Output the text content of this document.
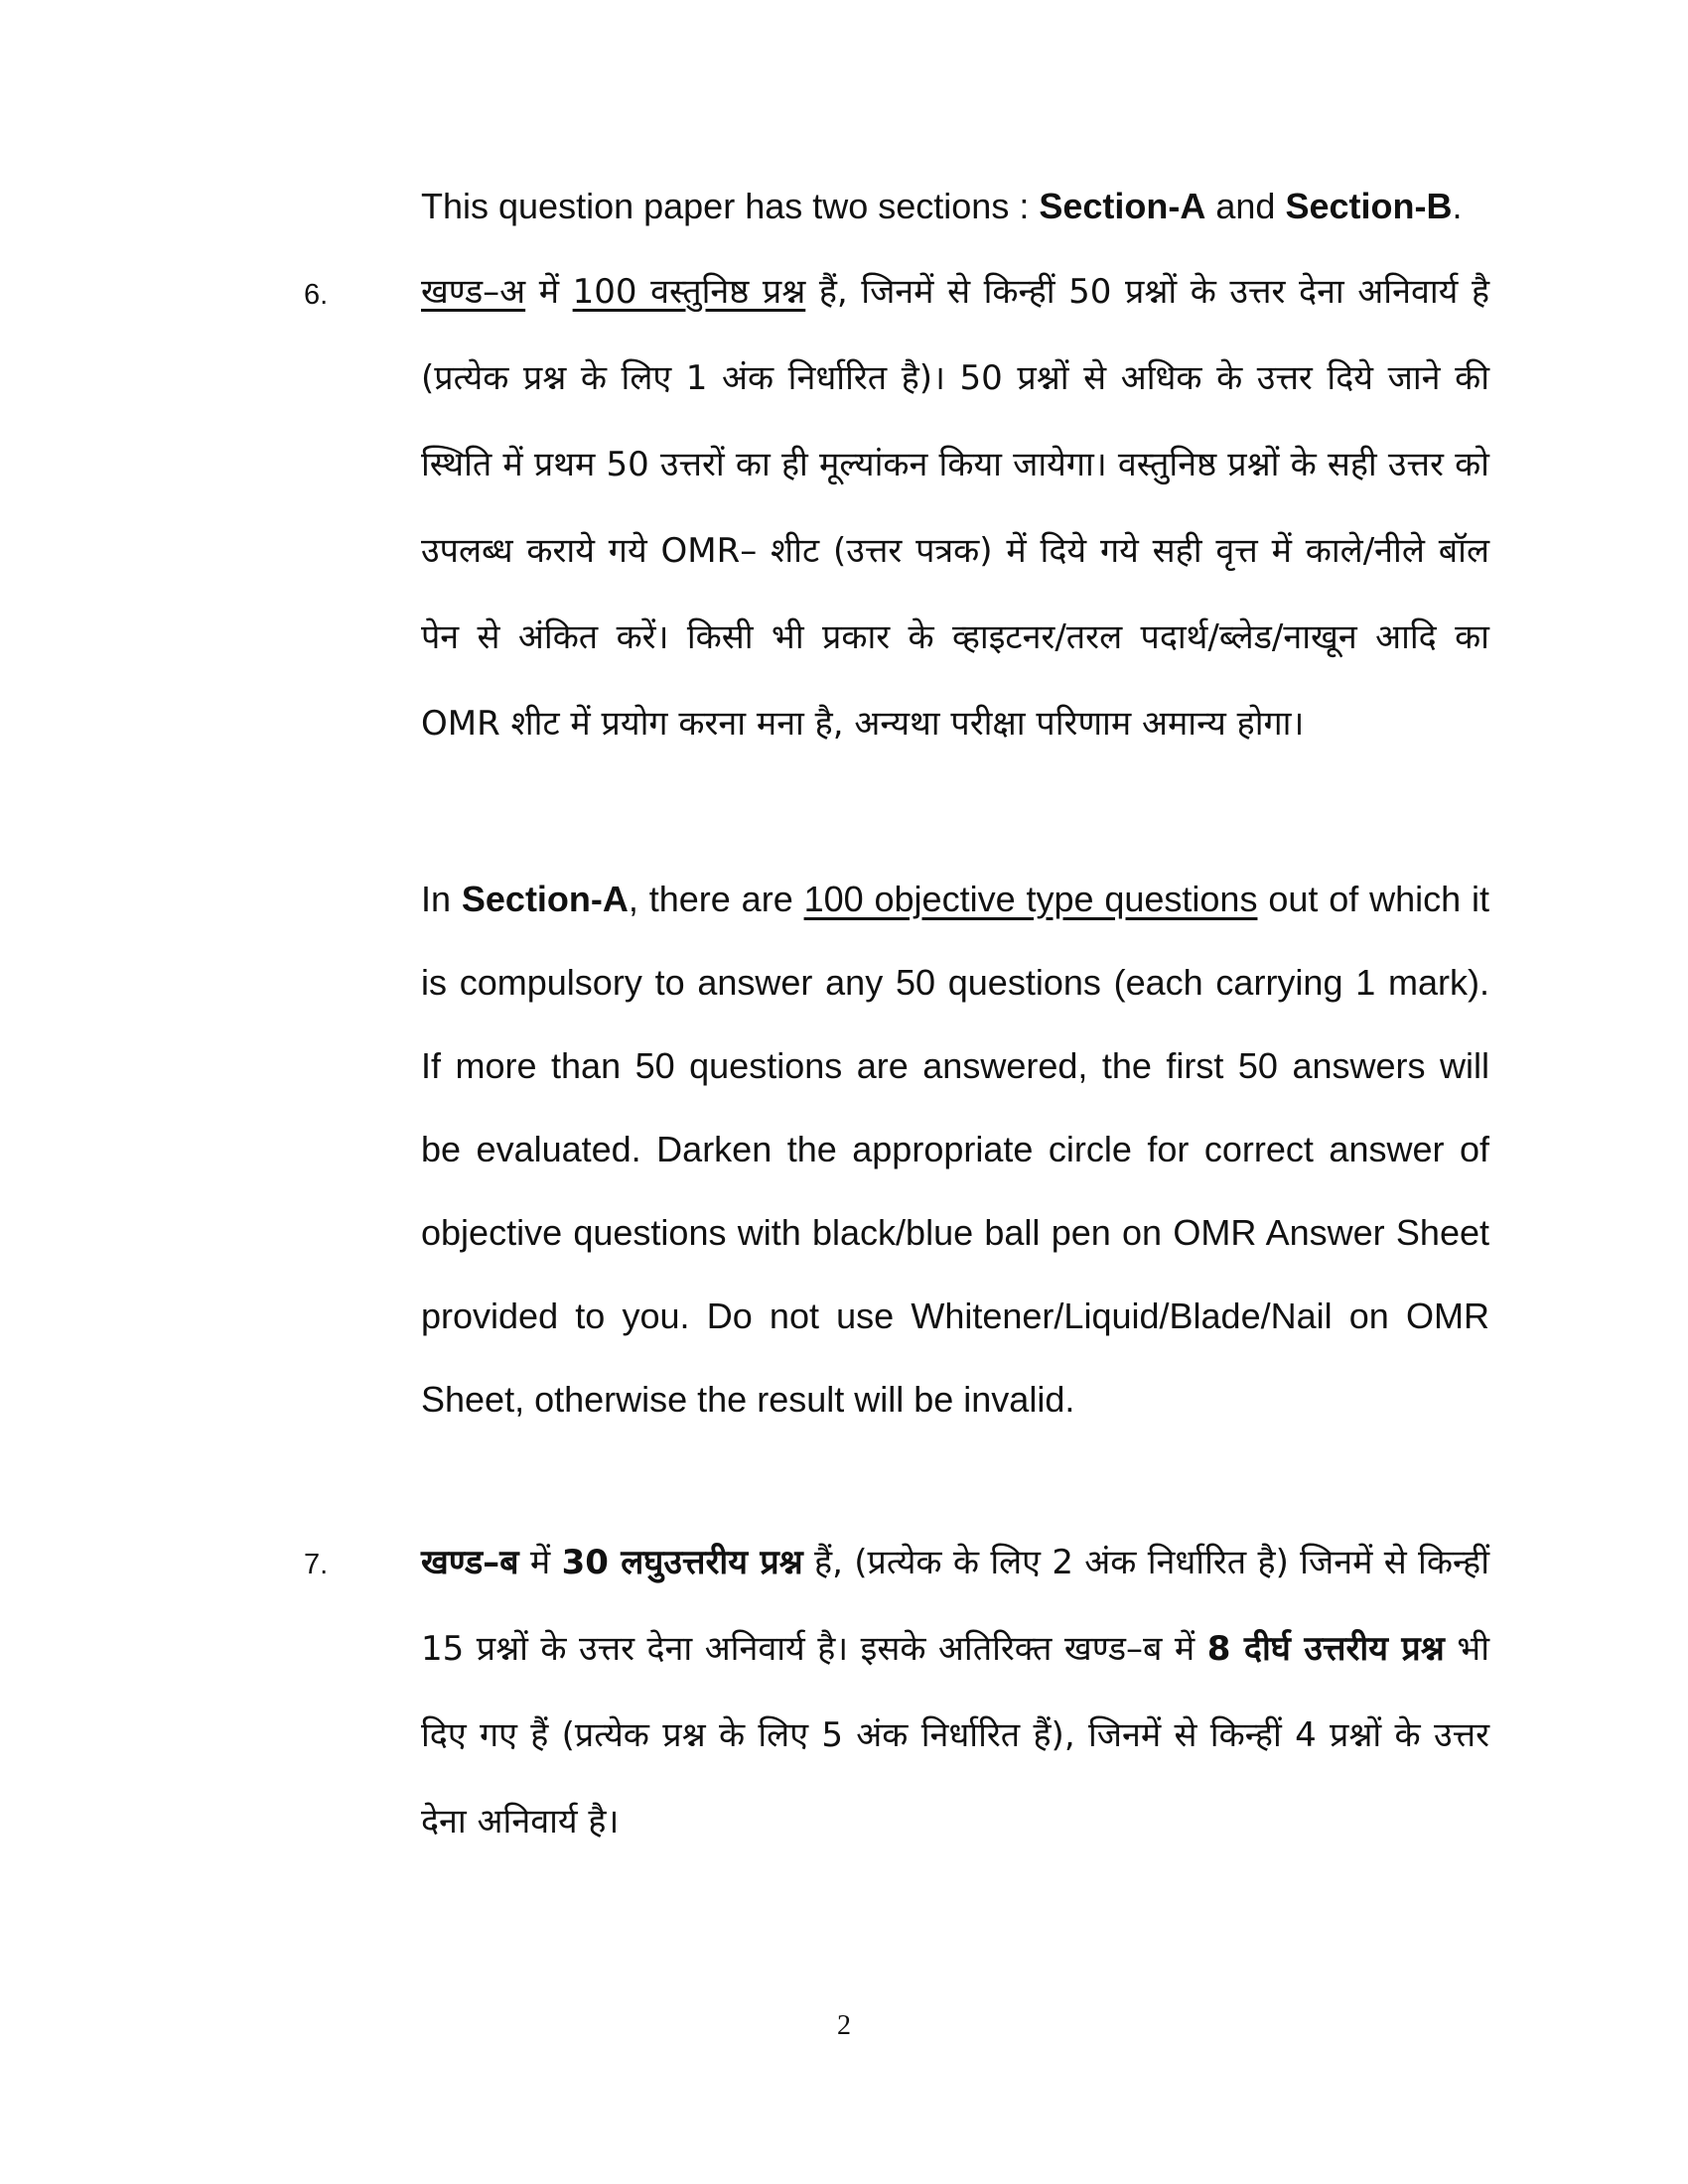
This question paper has two sections : Section-A and Section-B.
6.	खण्ड–अ में 100 वस्तुनिष्ठ प्रश्न हैं, जिनमें से किन्हीं 50 प्रश्नों के उत्तर देना अनिवार्य है (प्रत्येक प्रश्न के लिए 1 अंक निर्धारित है)। 50 प्रश्नों से अधिक के उत्तर दिये जाने की स्थिति में प्रथम 50 उत्तरों का ही मूल्यांकन किया जायेगा। वस्तुनिष्ठ प्रश्नों के सही उत्तर को उपलब्ध कराये गये OMR– शीट (उत्तर पत्रक) में दिये गये सही वृत्त में काले/नीले बॉल पेन से अंकित करें। किसी भी प्रकार के व्हाइटनर/तरल पदार्थ/ब्लेड/नाखून आदि का OMR शीट में प्रयोग करना मना है, अन्यथा परीक्षा परिणाम अमान्य होगा।
In Section-A, there are 100 objective type questions out of which it is compulsory to answer any 50 questions (each carrying 1 mark). If more than 50 questions are answered, the first 50 answers will be evaluated. Darken the appropriate circle for correct answer of objective questions with black/blue ball pen on OMR Answer Sheet provided to you. Do not use Whitener/Liquid/Blade/Nail on OMR Sheet, otherwise the result will be invalid.
7.	खण्ड–ब में 30 लघुउत्तरीय प्रश्न हैं, (प्रत्येक के लिए 2 अंक निर्धारित है) जिनमें से किन्हीं 15 प्रश्नों के उत्तर देना अनिवार्य है। इसके अतिरिक्त खण्ड–ब में 8 दीर्घ उत्तरीय प्रश्न भी दिए गए हैं (प्रत्येक प्रश्न के लिए 5 अंक निर्धारित हैं), जिनमें से किन्हीं 4 प्रश्नों के उत्तर देना अनिवार्य है।
2
